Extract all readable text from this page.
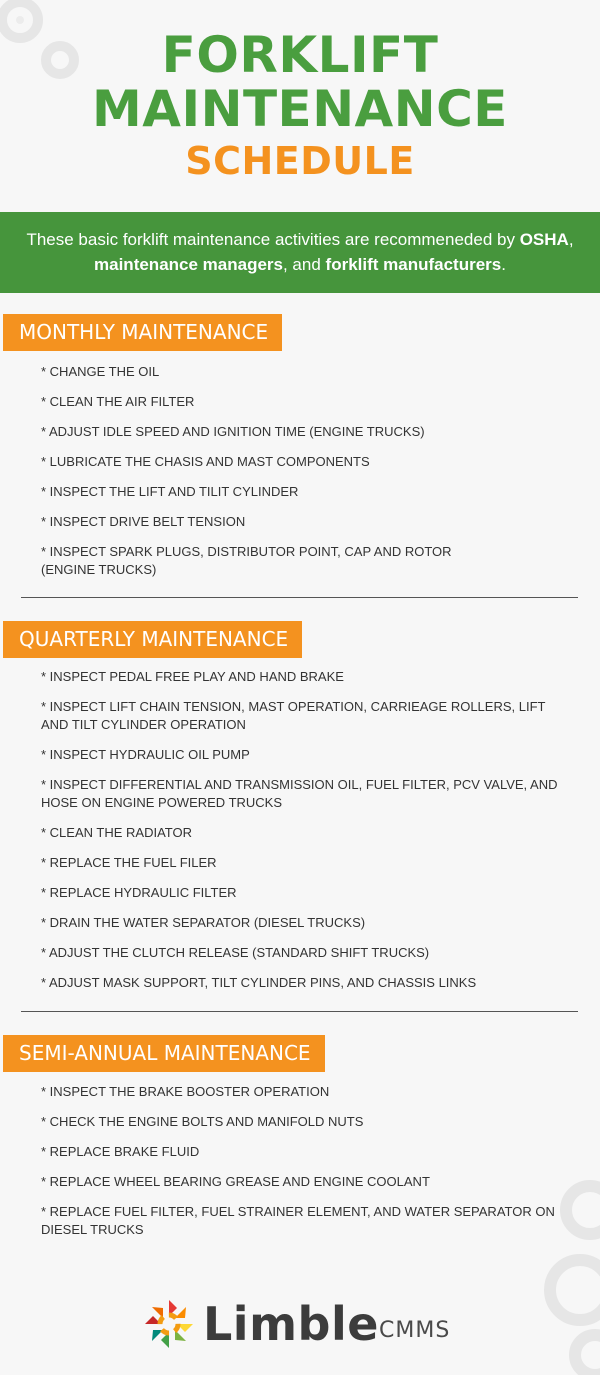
FORKLIFT
MAINTENANCE
SCHEDULE
These basic forklift maintenance activities are recommeneded by OSHA, maintenance managers, and forklift manufacturers.
MONTHLY MAINTENANCE
* CHANGE THE OIL
* CLEAN THE AIR FILTER
* ADJUST IDLE SPEED AND IGNITION TIME (ENGINE TRUCKS)
* LUBRICATE THE CHASIS AND MAST COMPONENTS
* INSPECT THE LIFT AND TILIT CYLINDER
* INSPECT DRIVE BELT TENSION
* INSPECT SPARK PLUGS, DISTRIBUTOR POINT, CAP AND ROTOR (ENGINE TRUCKS)
QUARTERLY MAINTENANCE
* INSPECT PEDAL FREE PLAY AND HAND BRAKE
* INSPECT LIFT CHAIN TENSION, MAST OPERATION, CARRIEAGE ROLLERS, LIFT AND TILT CYLINDER OPERATION
* INSPECT HYDRAULIC OIL PUMP
* INSPECT DIFFERENTIAL AND TRANSMISSION OIL, FUEL FILTER, PCV VALVE, AND HOSE ON ENGINE POWERED TRUCKS
* CLEAN THE RADIATOR
* REPLACE THE FUEL FILER
* REPLACE HYDRAULIC FILTER
* DRAIN THE WATER SEPARATOR (DIESEL TRUCKS)
* ADJUST THE CLUTCH RELEASE (STANDARD SHIFT TRUCKS)
* ADJUST MASK SUPPORT, TILT CYLINDER PINS, AND CHASSIS LINKS
SEMI-ANNUAL MAINTENANCE
* INSPECT THE BRAKE BOOSTER OPERATION
* CHECK THE ENGINE BOLTS AND MANIFOLD NUTS
* REPLACE BRAKE FLUID
* REPLACE WHEEL BEARING GREASE AND ENGINE COOLANT
* REPLACE FUEL FILTER, FUEL STRAINER ELEMENT, AND WATER SEPARATOR ON DIESEL TRUCKS
Limble CMMS
